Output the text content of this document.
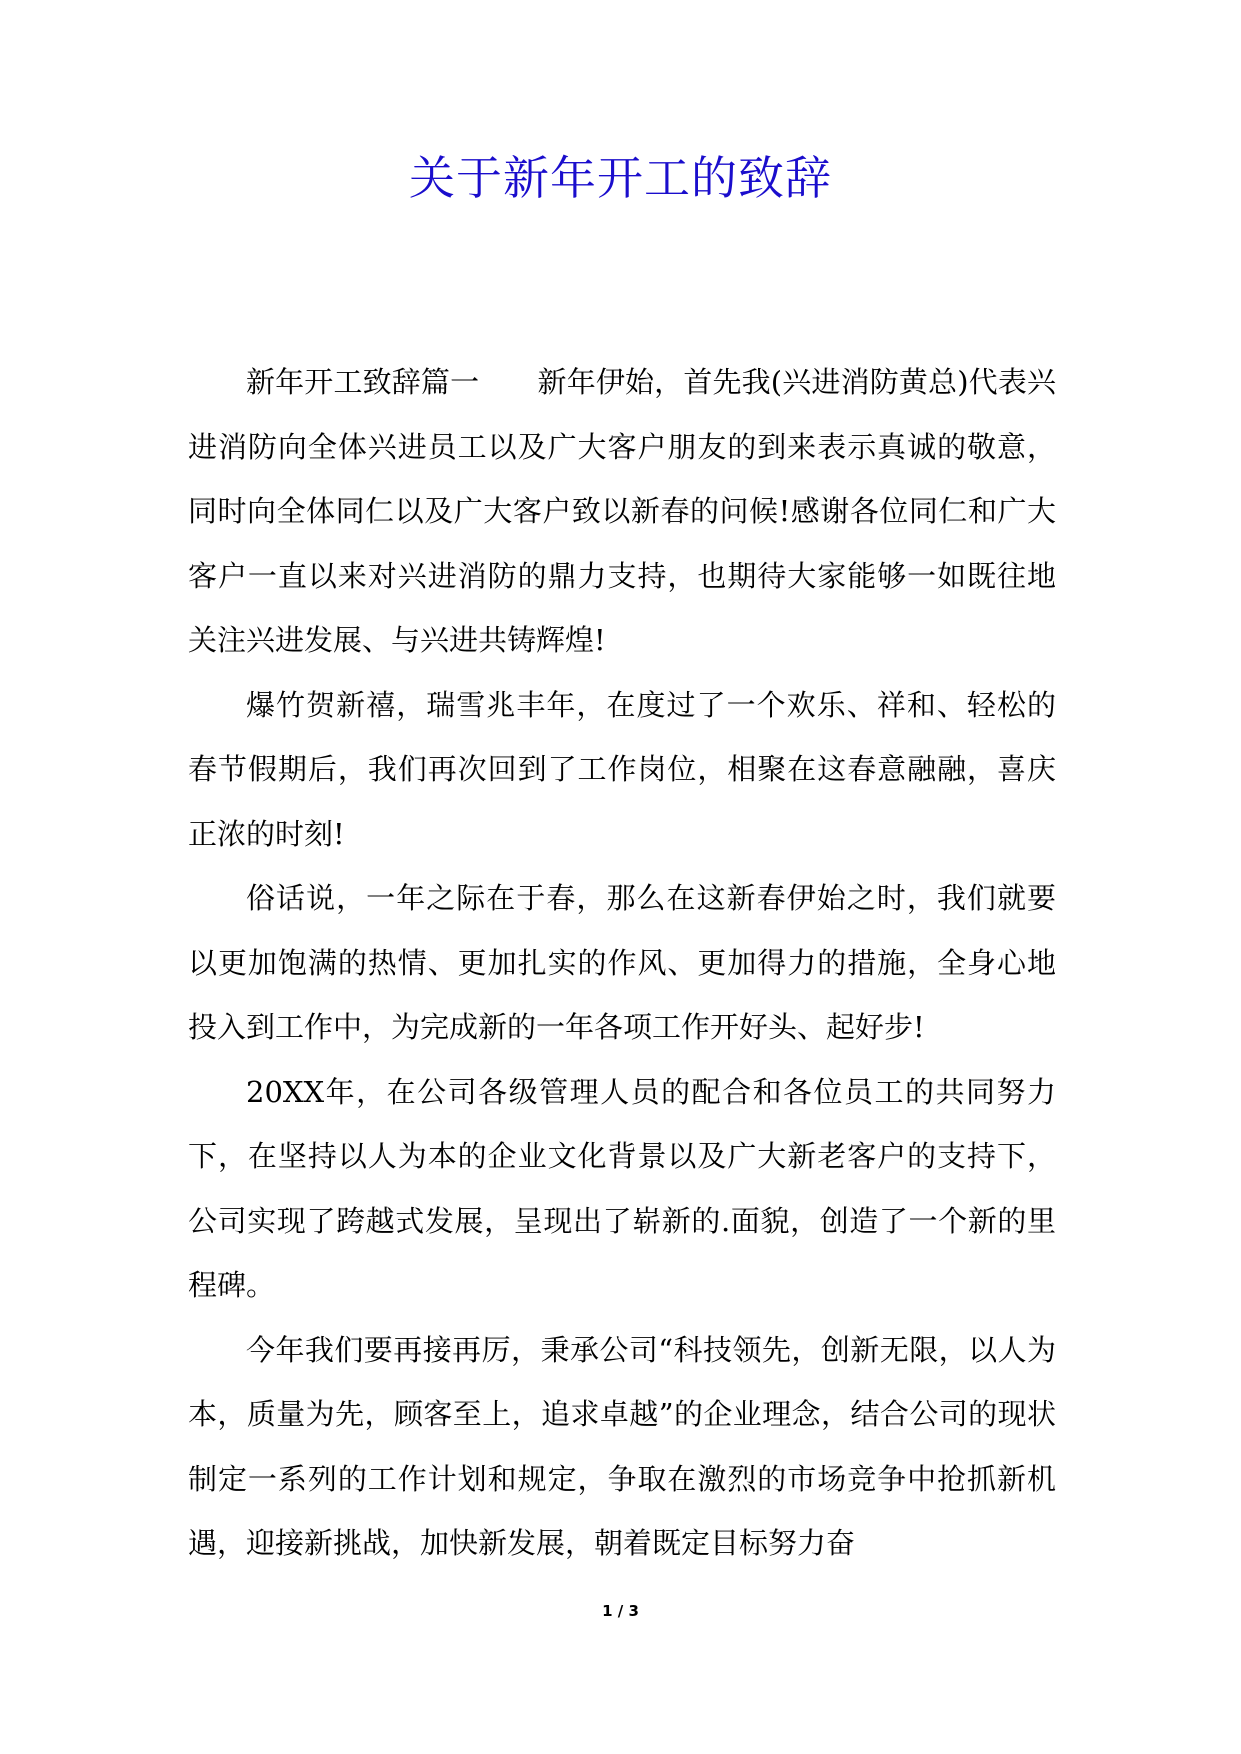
关于新年开工的致辞

新年开工致辞篇一　　新年伊始，首先我(兴进消防黄总)代表兴进消防向全体兴进员工以及广大客户朋友的到来表示真诚的敬意，同时向全体同仁以及广大客户致以新春的问候!感谢各位同仁和广大客户一直以来对兴进消防的鼎力支持，也期待大家能够一如既往地关注兴进发展、与兴进共铸辉煌!

爆竹贺新禧，瑞雪兆丰年，在度过了一个欢乐、祥和、轻松的春节假期后，我们再次回到了工作岗位，相聚在这春意融融，喜庆正浓的时刻!

俗话说，一年之际在于春，那么在这新春伊始之时，我们就要以更加饱满的热情、更加扎实的作风、更加得力的措施，全身心地投入到工作中，为完成新的一年各项工作开好头、起好步!

20XX年，在公司各级管理人员的配合和各位员工的共同努力下，在坚持以人为本的企业文化背景以及广大新老客户的支持下，公司实现了跨越式发展，呈现出了崭新的.面貌，创造了一个新的里程碑。

今年我们要再接再厉，秉承公司“科技领先，创新无限，以人为本，质量为先，顾客至上，追求卓越”的企业理念，结合公司的现状制定一系列的工作计划和规定，争取在激烈的市场竞争中抢抓新机遇，迎接新挑战，加快新发展，朝着既定目标努力奋

1 / 3
